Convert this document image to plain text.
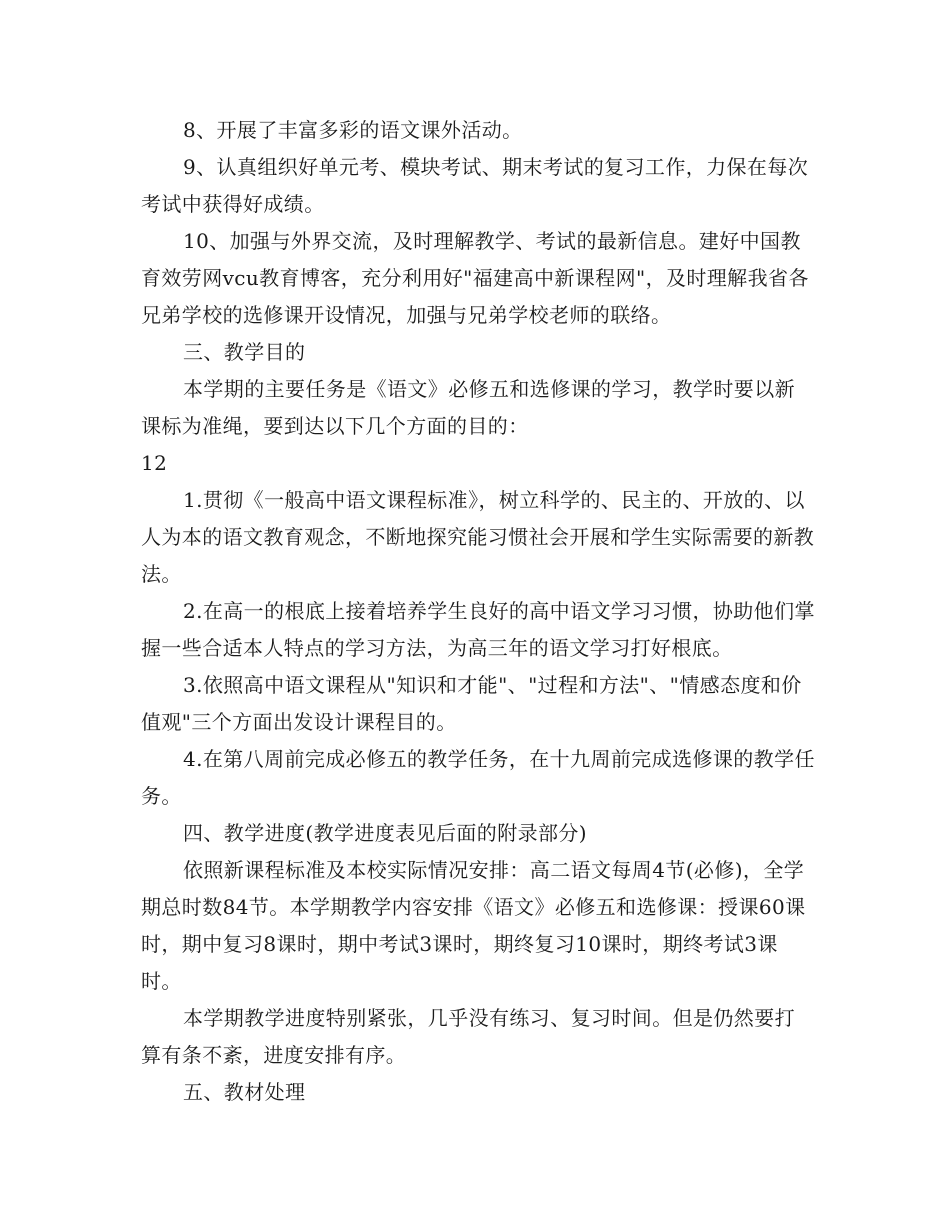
8、开展了丰富多彩的语文课外活动。

9、认真组织好单元考、模块考试、期末考试的复习工作，力保在每次考试中获得好成绩。

10、加强与外界交流，及时理解教学、考试的最新信息。建好中国教育效劳网vcu教育博客，充分利用好"福建高中新课程网"，及时理解我省各兄弟学校的选修课开设情况，加强与兄弟学校老师的联络。

三、教学目的

本学期的主要任务是《语文》必修五和选修课的学习，教学时要以新课标为准绳，要到达以下几个方面的目的：

12

1.贯彻《一般高中语文课程标准》，树立科学的、民主的、开放的、以人为本的语文教育观念，不断地探究能习惯社会开展和学生实际需要的新教法。

2.在高一的根底上接着培养学生良好的高中语文学习习惯，协助他们掌握一些合适本人特点的学习方法，为高三年的语文学习打好根底。

3.依照高中语文课程从"知识和才能"、"过程和方法"、"情感态度和价值观"三个方面出发设计课程目的。

4.在第八周前完成必修五的教学任务，在十九周前完成选修课的教学任务。

四、教学进度(教学进度表见后面的附录部分)

依照新课程标准及本校实际情况安排：高二语文每周4节(必修)，全学期总时数84节。本学期教学内容安排《语文》必修五和选修课：授课60课时，期中复习8课时，期中考试3课时，期终复习10课时，期终考试3课时。

本学期教学进度特别紧张，几乎没有练习、复习时间。但是仍然要打算有条不紊，进度安排有序。

五、教材处理
